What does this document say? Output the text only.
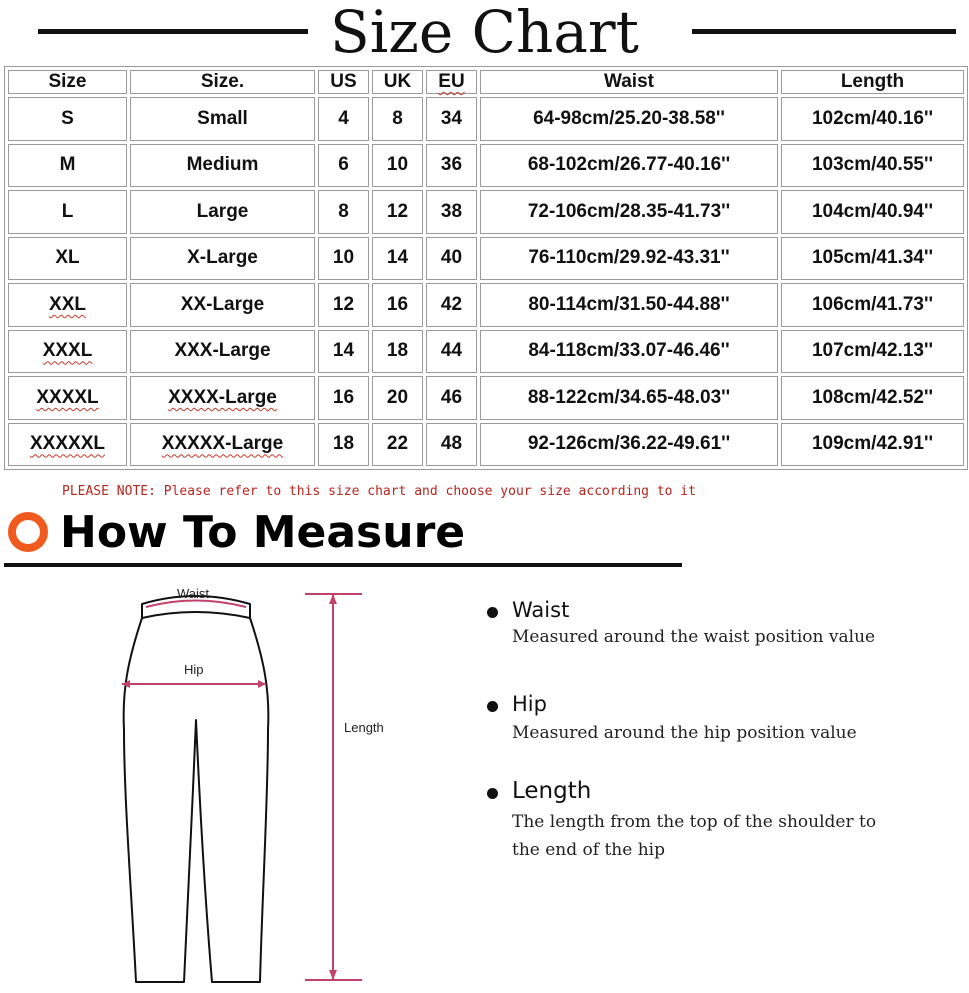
Size Chart
Size	Size.	US	UK	EU	Waist	Length
S	Small	4	8	34	64-98cm/25.20-38.58''	102cm/40.16''
M	Medium	6	10	36	68-102cm/26.77-40.16''	103cm/40.55''
L	Large	8	12	38	72-106cm/28.35-41.73''	104cm/40.94''
XL	X-Large	10	14	40	76-110cm/29.92-43.31''	105cm/41.34''
XXL	XX-Large	12	16	42	80-114cm/31.50-44.88''	106cm/41.73''
XXXL	XXX-Large	14	18	44	84-118cm/33.07-46.46''	107cm/42.13''
XXXXL	XXXX-Large	16	20	46	88-122cm/34.65-48.03''	108cm/42.52''
XXXXXL	XXXXX-Large	18	22	48	92-126cm/36.22-49.61''	109cm/42.91''
PLEASE NOTE: Please refer to this size chart and choose your size according to it
How To Measure
Waist
Hip
Length
Waist
Measured around the waist position value
Hip
Measured around the hip position value
Length
The length from the top of the shoulder to
the end of the hip
